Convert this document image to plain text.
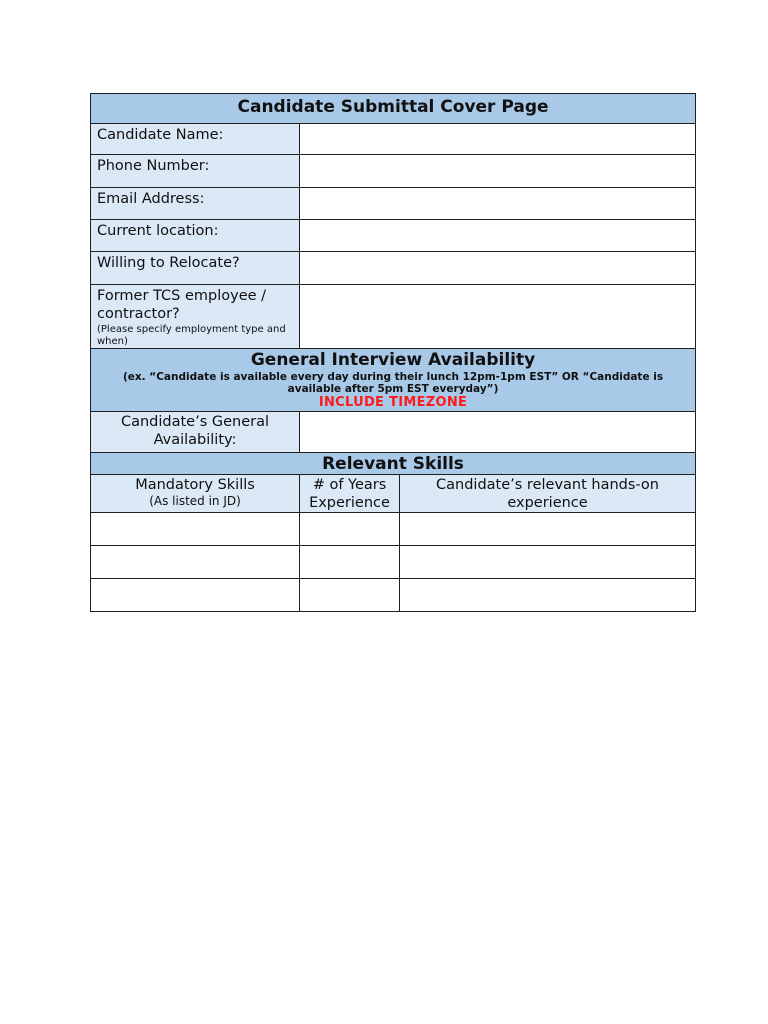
Candidate Submittal Cover Page		
Candidate Name:		
Phone Number:		
Email Address:		
Current location:		
Willing to Relocate?		
Former TCS employee / contractor?
(Please specify employment type and when)		

General Interview Availability
(ex. “Candidate is available every day during their lunch 12pm-1pm EST” OR “Candidate is available after 5pm EST everyday”)
INCLUDE TIMEZONE		

Candidate’s General Availability:		

Relevant Skills		

Mandatory Skills
(As listed in JD)	# of Years Experience	Candidate’s relevant hands-on experience
